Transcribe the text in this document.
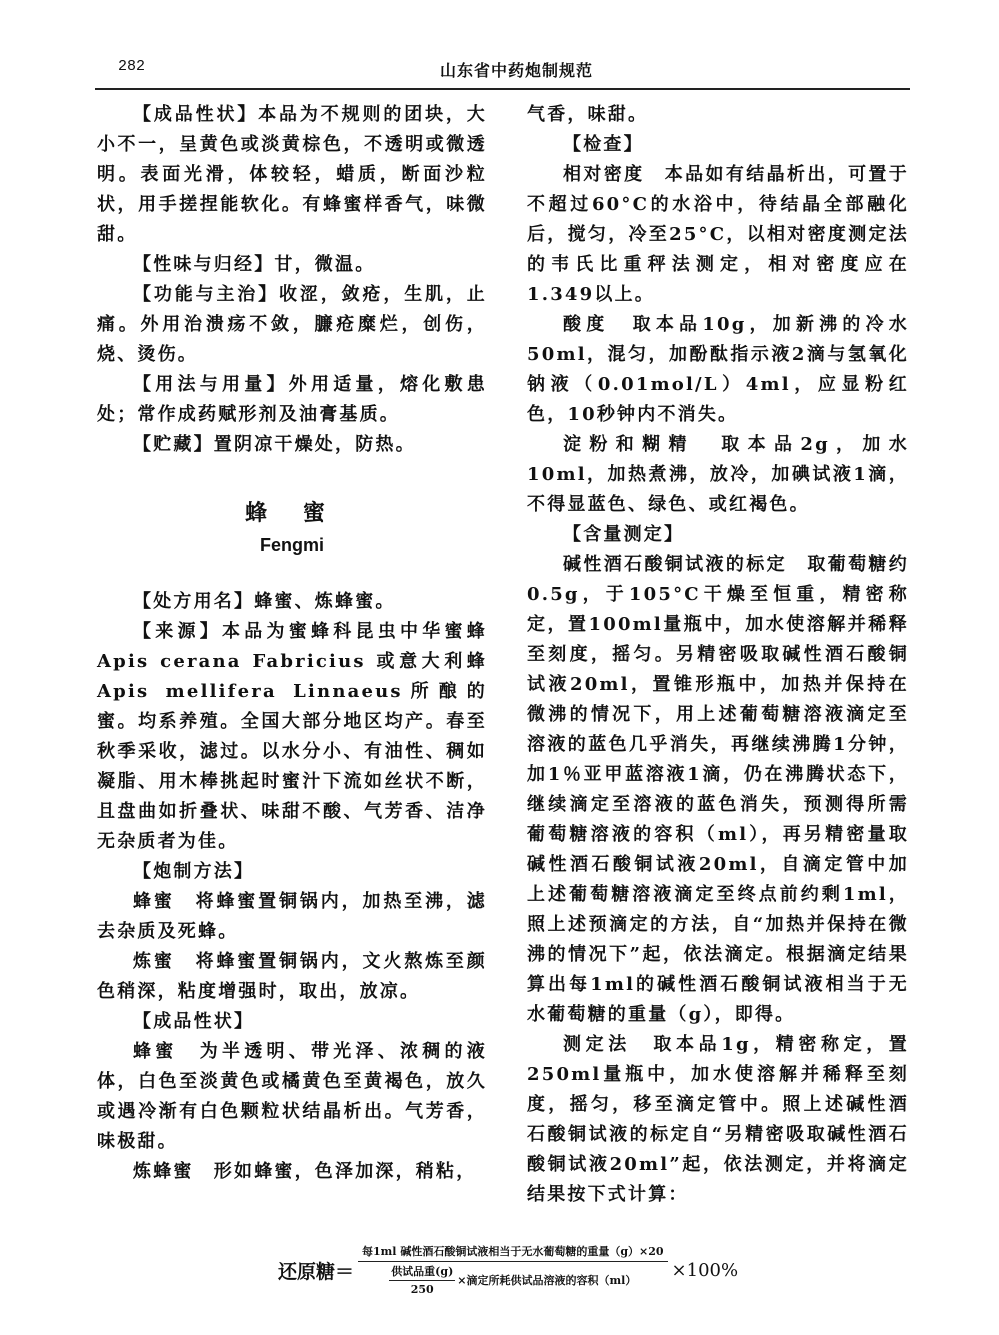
282	山东省中药炮制规范

【成品性状】本品为不规则的团块，大小不一，呈黄色或淡黄棕色，不透明或微透明。表面光滑，体较轻，蜡质，断面沙粒状，用手搓捏能软化。有蜂蜜样香气，味微甜。

【性味与归经】甘，微温。

【功能与主治】收涩，敛疮，生肌，止痛。外用治溃疡不敛，臁疮糜烂，创伤，烧、烫伤。

【用法与用量】外用适量，熔化敷患处；常作成药赋形剂及油膏基质。

【贮藏】置阴凉干燥处，防热。

蜂 蜜
Fengmi

【处方用名】蜂蜜、炼蜂蜜。

【来源】本品为蜜蜂科昆虫中华蜜蜂 Apis cerana Fabricius 或意大利蜂Apis mellifera Linnaeus所酿的蜜。均系养殖。全国大部分地区均产。春至秋季采收，滤过。以水分小、有油性、稠如凝脂、用木棒挑起时蜜汁下流如丝状不断，且盘曲如折叠状、味甜不酸、气芳香、洁净无杂质者为佳。

【炮制方法】

蜂蜜　将蜂蜜置铜锅内，加热至沸，滤去杂质及死蜂。

炼蜜　将蜂蜜置铜锅内，文火熬炼至颜色稍深，粘度增强时，取出，放凉。

【成品性状】

蜂蜜　为半透明、带光泽、浓稠的液体，白色至淡黄色或橘黄色至黄褐色，放久或遇冷渐有白色颗粒状结晶析出。气芳香，味极甜。

炼蜂蜜　形如蜂蜜，色泽加深，稍粘，

气香，味甜。

【检查】

相对密度　本品如有结晶析出，可置于不超过60°C的水浴中，待结晶全部融化后，搅匀，冷至25°C，以相对密度测定法的韦氏比重秤法测定，相对密度应在1.349以上。

酸度　取本品10g，加新沸的冷水50ml，混匀，加酚酞指示液2滴与氢氧化钠液（0.01mol/L）4ml，应显粉红色，10秒钟内不消失。

淀粉和糊精　取本品2g，加水10ml，加热煮沸，放冷，加碘试液1滴，不得显蓝色、绿色、或红褐色。

【含量测定】

碱性酒石酸铜试液的标定　取葡萄糖约0.5g，于105°C干燥至恒重，精密称定，置100ml量瓶中，加水使溶解并稀释至刻度，摇匀。另精密吸取碱性酒石酸铜试液20ml，置锥形瓶中，加热并保持在微沸的情况下，用上述葡萄糖溶液滴定至溶液的蓝色几乎消失，再继续沸腾1分钟，加1％亚甲蓝溶液1滴，仍在沸腾状态下，继续滴定至溶液的蓝色消失，预测得所需葡萄糖溶液的容积（ml），再另精密量取碱性酒石酸铜试液20ml，自滴定管中加上述葡萄糖溶液滴定至终点前约剩1ml，照上述预滴定的方法，自“加热并保持在微沸的情况下”起，依法滴定。根据滴定结果算出每1ml的碱性酒石酸铜试液相当于无水葡萄糖的重量（g），即得。

测定法　取本品1g，精密称定，置250ml量瓶中，加水使溶解并稀释至刻度，摇匀，移至滴定管中。照上述碱性酒石酸铜试液的标定自“另精密吸取碱性酒石酸铜试液20ml”起，依法测定，并将滴定结果按下式计算：

还原糖＝ 每1ml 碱性酒石酸铜试液相当于无水葡萄糖的重量（g）×20
供试品重(g)
250
×滴定所耗供试品溶液的容积（ml） ×100%
